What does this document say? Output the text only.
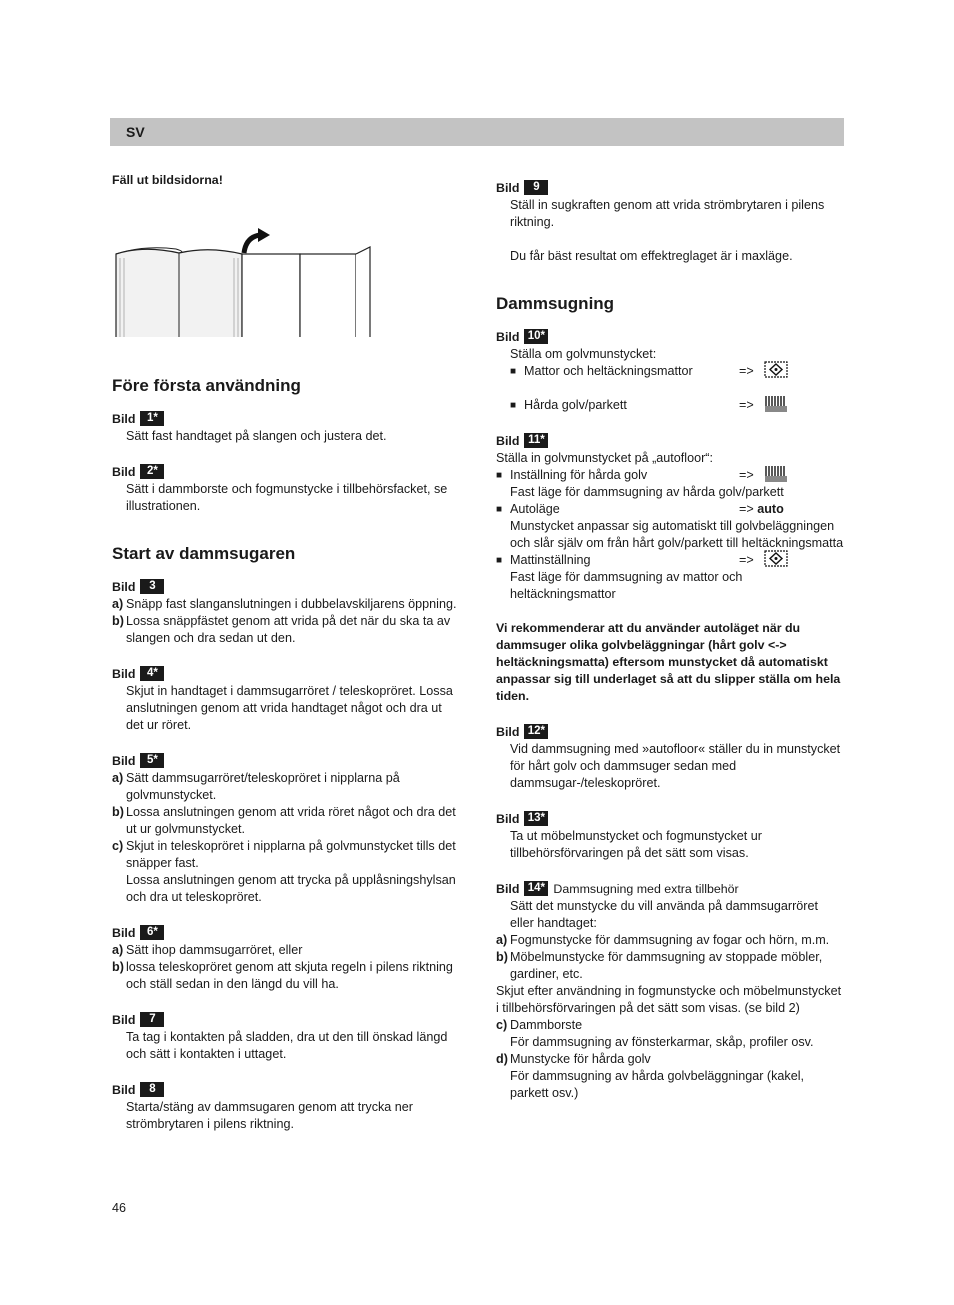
SV
Fäll ut bildsidorna!
Före första användning
Bild	1*
Sätt fast handtaget på slangen och justera det.
Bild	2*
Sätt i dammborste och fogmunstycke i tillbehörsfacket, se illustrationen.
Start av dammsugaren
Bild	3
a) Snäpp fast slanganslutningen i dubbelavskiljarens öppning.
b) Lossa snäppfästet genom att vrida på det när du ska ta av slangen och dra sedan ut den.
Bild	4*
Skjut in handtaget i dammsugarröret / teleskopröret. Lossa anslutningen genom att vrida handtaget något och dra ut det ur röret.
Bild	5*
a) Sätt dammsugarröret/teleskopröret i nipplarna på golvmunstycket.
b) Lossa anslutningen genom att vrida röret något och dra det ut ur golvmunstycket.
c) Skjut in teleskopröret i nipplarna på golvmunstycket tills det snäpper fast.
Lossa anslutningen genom att trycka på upplåsningshylsan och dra ut teleskopröret.
Bild	6*
a) Sätt ihop dammsugarröret, eller
b) lossa teleskopröret genom att skjuta regeln i pilens riktning och ställ sedan in den längd du vill ha.
Bild	7
Ta tag i kontakten på sladden, dra ut den till önskad längd och sätt i kontakten i uttaget.
Bild	8
Starta/stäng av dammsugaren genom att trycka ner strömbrytaren i pilens riktning.
Bild	9
Ställ in sugkraften genom att vrida strömbrytaren i pilens riktning.
Du får bäst resultat om effektreglaget är i maxläge.
Dammsugning
Bild 10*
Ställa om golvmunstycket:
■ Mattor och heltäckningsmattor	=>
■ Hårda golv/parkett	=>
Bild 11*
Ställa in golvmunstycket på „autofloor“:
■ Inställning för hårda golv	=>
Fast läge för dammsugning av hårda golv/parkett
■ Autoläge	=> auto
Munstycket anpassar sig automatiskt till golvbeläggningen och slår själv om från hårt golv/parkett till heltäckningsmatta
■ Mattinställning	=>
Fast läge för dammsugning av mattor och heltäckningsmattor
Vi rekommenderar att du använder autoläget när du dammsuger olika golvbeläggningar (hårt golv <-> heltäckningsmatta) eftersom munstycket då automatiskt anpassar sig till underlaget så att du slipper ställa om hela tiden.
Bild 12*
Vid dammsugning med »autofloor« ställer du in munstycket för hårt golv och dammsuger sedan med dammsugar-/teleskopröret.
Bild 13*
Ta ut möbelmunstycket och fogmunstycket ur tillbehörsförvaringen på det sätt som visas.
Bild 14* Dammsugning med extra tillbehör
Sätt det munstycke du vill använda på dammsugarröret eller handtaget:
a) Fogmunstycke för dammsugning av fogar och hörn, m.m.
b) Möbelmunstycke för dammsugning av stoppade möbler, gardiner, etc.
Skjut efter användning in fogmunstycke och möbelmunstycket i tillbehörsförvaringen på det sätt som visas. (se bild 2)
c) Dammborste
För dammsugning av fönsterkarmar, skåp, profiler osv.
d) Munstycke för hårda golv
För dammsugning av hårda golvbeläggningar (kakel, parkett osv.)
46
